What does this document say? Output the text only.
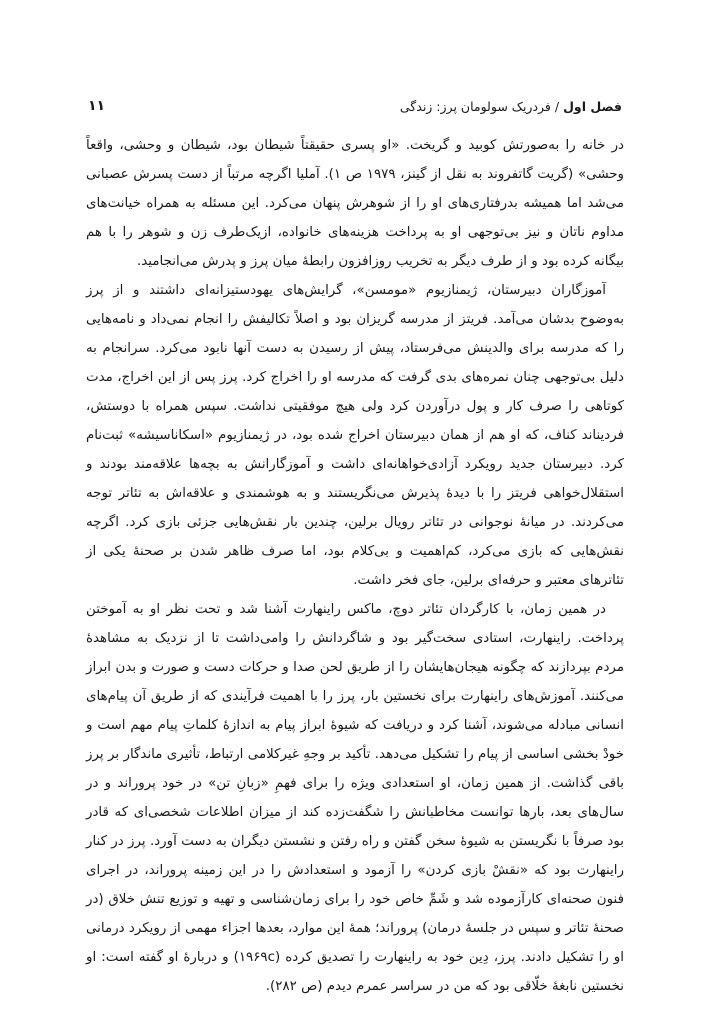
فصل اول / فردریک سولومان پرز: زندگی
۱۱

در خانه را به‌صورتش کوبید و گریخت. «او پسری حقیقتاً شیطان بود، شیطان و وحشی، واقعاً وحشی» (گریت گاتفروند به نقل از گینز، ۱۹۷۹ ص ۱). آملیا اگرچه مرتباً از دست پسرش عصبانی می‌شد اما همیشه بدرفتاری‌های او را از شوهرش پنهان می‌کرد. این مسئله به همراه خیانت‌های مداوم ناتان و نیز بی‌توجهی او به پرداخت هزینه‌های خانواده، ازیک‌طرف زن و شوهر را با هم بیگانه کرده بود و از طرف دیگر به تخریب روزافزون رابطهٔ میان پرز و پدرش می‌انجامید.

آموزگاران دبیرستان، ژیمنازیوم «مومسن»، گرایش‌های یهودستیزانه‌ای داشتند و از پرز به‌وضوح بدشان می‌آمد. فریتز از مدرسه گریزان بود و اصلاً تکالیفش را انجام نمی‌داد و نامه‌هایی را که مدرسه برای والدینش می‌فرستاد، پیش از رسیدن به دست آنها نابود می‌کرد. سرانجام به دلیل بی‌توجهی چنان نمره‌های بدی گرفت که مدرسه او را اخراج کرد. پرز پس از این اخراج، مدت کوتاهی را صرف کار و پول درآوردن کرد ولی هیچ موفقیتی نداشت. سپس همراه با دوستش، فردیناند کناف، که او هم از همان دبیرستان اخراج شده بود، در ژیمنازیوم «اسکاناسیشه» ثبت‌نام کرد. دبیرستان جدید رویکرد آزادی‌خواهانه‌ای داشت و آموزگارانش به بچه‌ها علاقه‌مند بودند و استقلال‌خواهی فریتز را با دیدهٔ پذیرش می‌نگریستند و به هوشمندی و علاقه‌اش به تئاتر توجه می‌کردند. در میانهٔ نوجوانی در تئاتر رویال برلین، چندین بار نقش‌هایی جزئی بازی کرد. اگرچه نقش‌هایی که بازی می‌کرد، کم‌اهمیت و بی‌کلام بود، اما صرف ظاهر شدن بر صحنهٔ یکی از تئاترهای معتبر و حرفه‌ای برلین، جای فخر داشت.

در همین زمان، با کارگردان تئاتر دوچ، ماکس راینهارت آشنا شد و تحت نظر او به آموختن پرداخت. راینهارت، استادی سخت‌گیر بود و شاگردانش را وامی‌داشت تا از نزدیک به مشاهدهٔ مردم بپردازند که چگونه هیجان‌هایشان را از طریق لحن صدا و حرکات دست و صورت و بدن ابراز می‌کنند. آموزش‌های راینهارت برای نخستین بار، پرز را با اهمیت فرآیندی که از طریق آن پیام‌های انسانی مبادله می‌شوند، آشنا کرد و دریافت که شیوهٔ ابراز پیام به اندازهٔ کلماتِ پیام مهم است و خودْ بخشی اساسی از پیام را تشکیل می‌دهد. تأکید بر وجهِ غیرکلامی ارتباط، تأثیری ماندگار بر پرز باقی گذاشت. از همین زمان، او استعدادی ویژه را برای فهمِ «زبانِ تن» در خود پروراند و در سال‌های بعد، بارها توانست مخاطبانش را شگفت‌زده کند از میزان اطلاعات شخصی‌ای که قادر بود صرفاً با نگریستن به شیوهٔ سخن گفتن و راه رفتن و نشستن دیگران به دست آورد. پرز در کنار راینهارت بود که «نقشْ بازی کردن» را آزمود و استعدادش را در این زمینه پروراند، در اجرای فنون صحنه‌ای کارآزموده شد و شَمِّ خاص خود را برای زمان‌شناسی و تهیه و توزیع تنش خلاق (در صحنهٔ تئاتر و سپس در جلسهٔ درمان) پروراند؛ همهٔ این موارد، بعدها اجزاء مهمی از رویکرد درمانی او را تشکیل دادند. پرز، دِین خود به راینهارت را تصدیق کرده (۱۹۶۹c) و دربارهٔ او گفته است: او نخستین نابغهٔ خلّاقی بود که من در سراسر عمرم دیدم (ص ۲۸۲).
